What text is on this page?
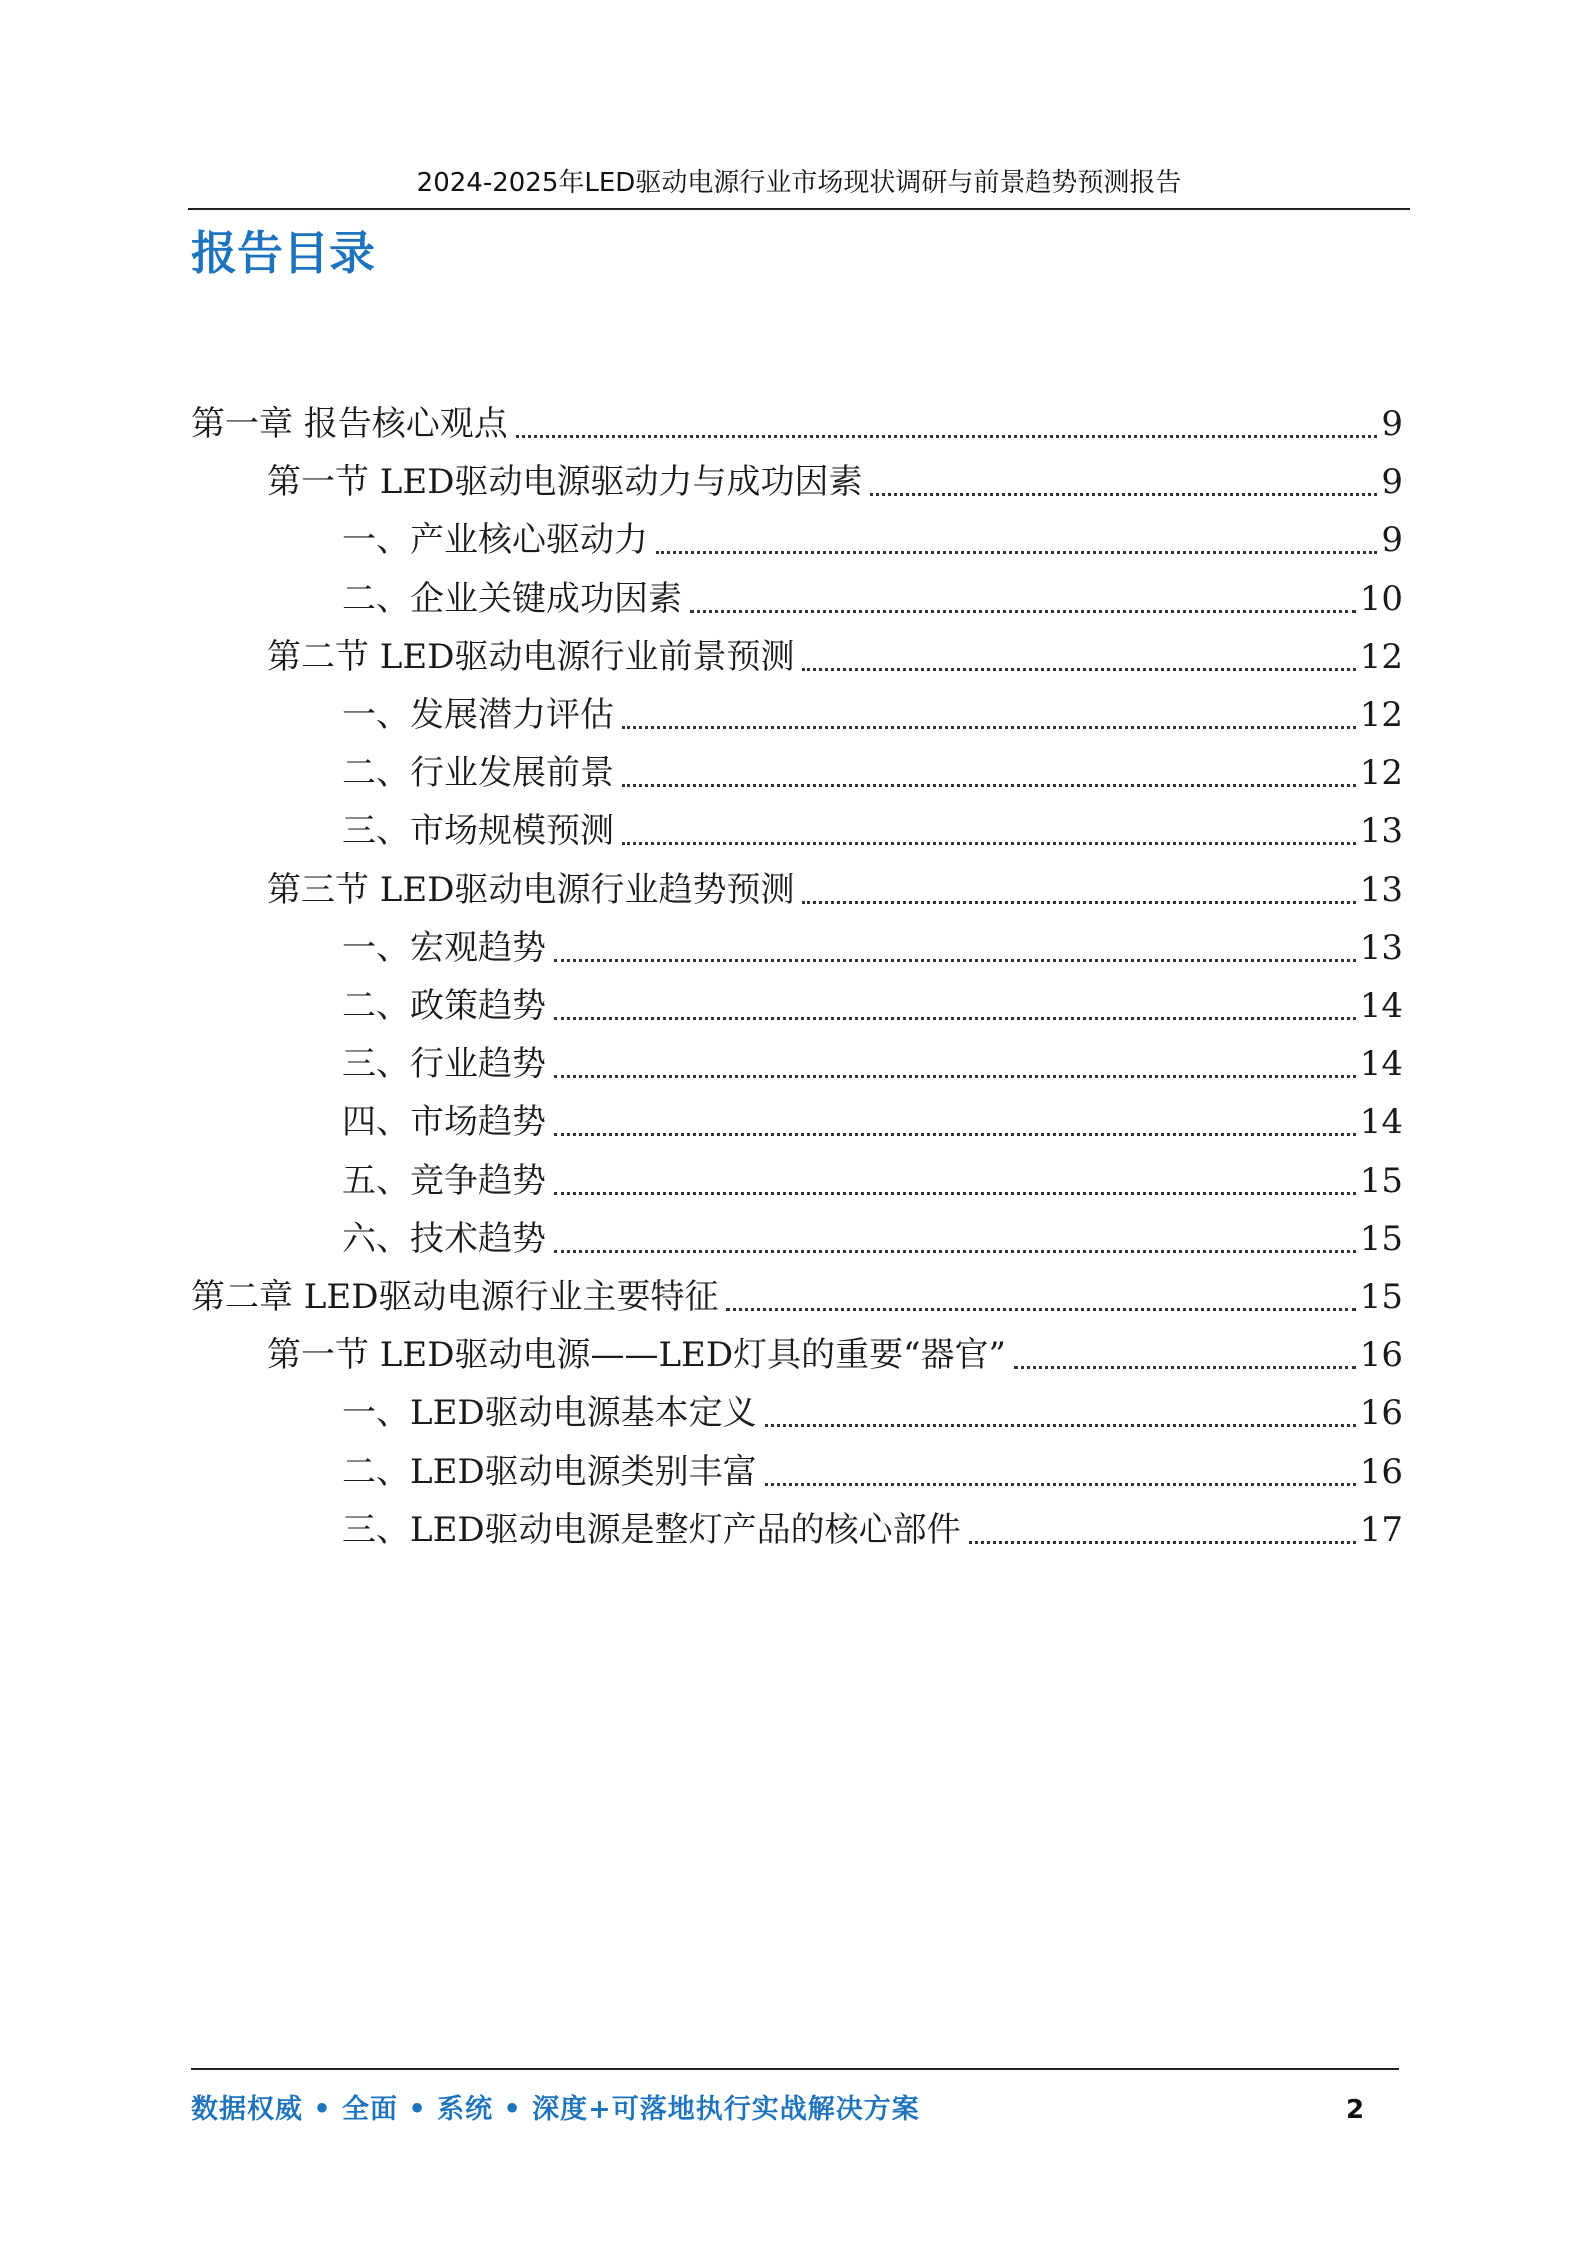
2024-2025年LED驱动电源行业市场现状调研与前景趋势预测报告
报告目录
第一章 报告核心观点	9
第一节 LED驱动电源驱动力与成功因素	9
一、产业核心驱动力	9
二、企业关键成功因素	10
第二节 LED驱动电源行业前景预测	12
一、发展潜力评估	12
二、行业发展前景	12
三、市场规模预测	13
第三节 LED驱动电源行业趋势预测	13
一、宏观趋势	13
二、政策趋势	14
三、行业趋势	14
四、市场趋势	14
五、竞争趋势	15
六、技术趋势	15
第二章 LED驱动电源行业主要特征	15
第一节 LED驱动电源——LED灯具的重要“器官”	16
一、LED驱动电源基本定义	16
二、LED驱动电源类别丰富	16
三、LED驱动电源是整灯产品的核心部件	17
数据权威 • 全面 • 系统 • 深度+可落地执行实战解决方案	2
